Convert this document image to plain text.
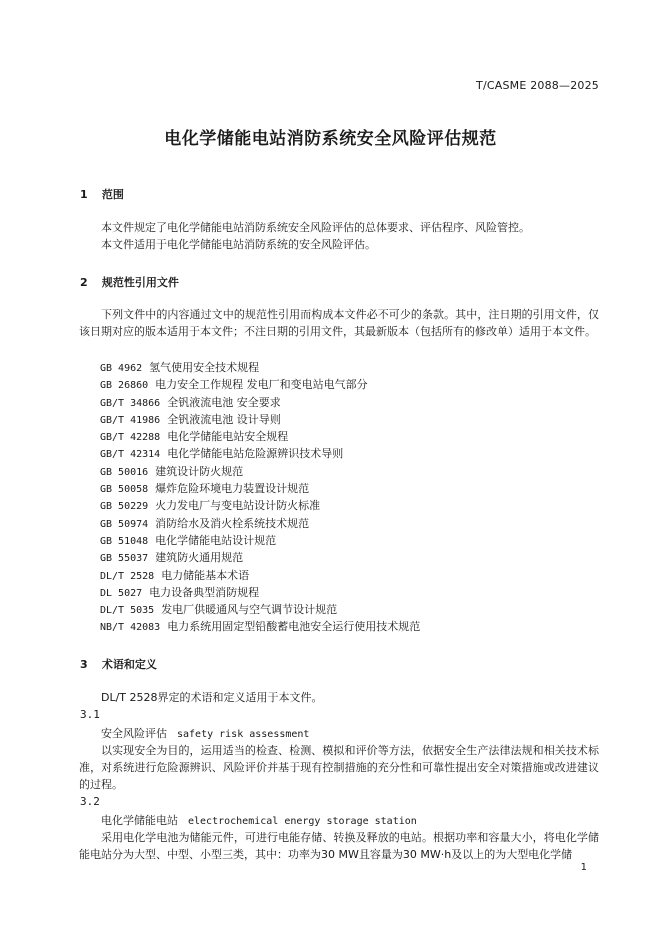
T/CASME 2088—2025
电化学储能电站消防系统安全风险评估规范
1 范围
本文件规定了电化学储能电站消防系统安全风险评估的总体要求、评估程序、风险管控。
本文件适用于电化学储能电站消防系统的安全风险评估。
2 规范性引用文件
下列文件中的内容通过文中的规范性引用而构成本文件必不可少的条款。其中，注日期的引用文件，仅该日期对应的版本适用于本文件；不注日期的引用文件，其最新版本（包括所有的修改单）适用于本文件。
GB 4962 氢气使用安全技术规程
GB 26860 电力安全工作规程 发电厂和变电站电气部分
GB/T 34866 全钒液流电池 安全要求
GB/T 41986 全钒液流电池 设计导则
GB/T 42288 电化学储能电站安全规程
GB/T 42314 电化学储能电站危险源辨识技术导则
GB 50016 建筑设计防火规范
GB 50058 爆炸危险环境电力装置设计规范
GB 50229 火力发电厂与变电站设计防火标准
GB 50974 消防给水及消火栓系统技术规范
GB 51048 电化学储能电站设计规范
GB 55037 建筑防火通用规范
DL/T 2528 电力储能基本术语
DL 5027 电力设备典型消防规程
DL/T 5035 发电厂供暖通风与空气调节设计规范
NB/T 42083 电力系统用固定型铅酸蓄电池安全运行使用技术规范
3 术语和定义
DL/T 2528界定的术语和定义适用于本文件。
3.1
安全风险评估 safety risk assessment
以实现安全为目的，运用适当的检查、检测、模拟和评价等方法，依据安全生产法律法规和相关技术标准，对系统进行危险源辨识、风险评价并基于现有控制措施的充分性和可靠性提出安全对策措施或改进建议的过程。
3.2
电化学储能电站 electrochemical energy storage station
采用电化学电池为储能元件，可进行电能存储、转换及释放的电站。根据功率和容量大小，将电化学储能电站分为大型、中型、小型三类，其中：功率为30 MW且容量为30 MW·h及以上的为大型电化学储
1
